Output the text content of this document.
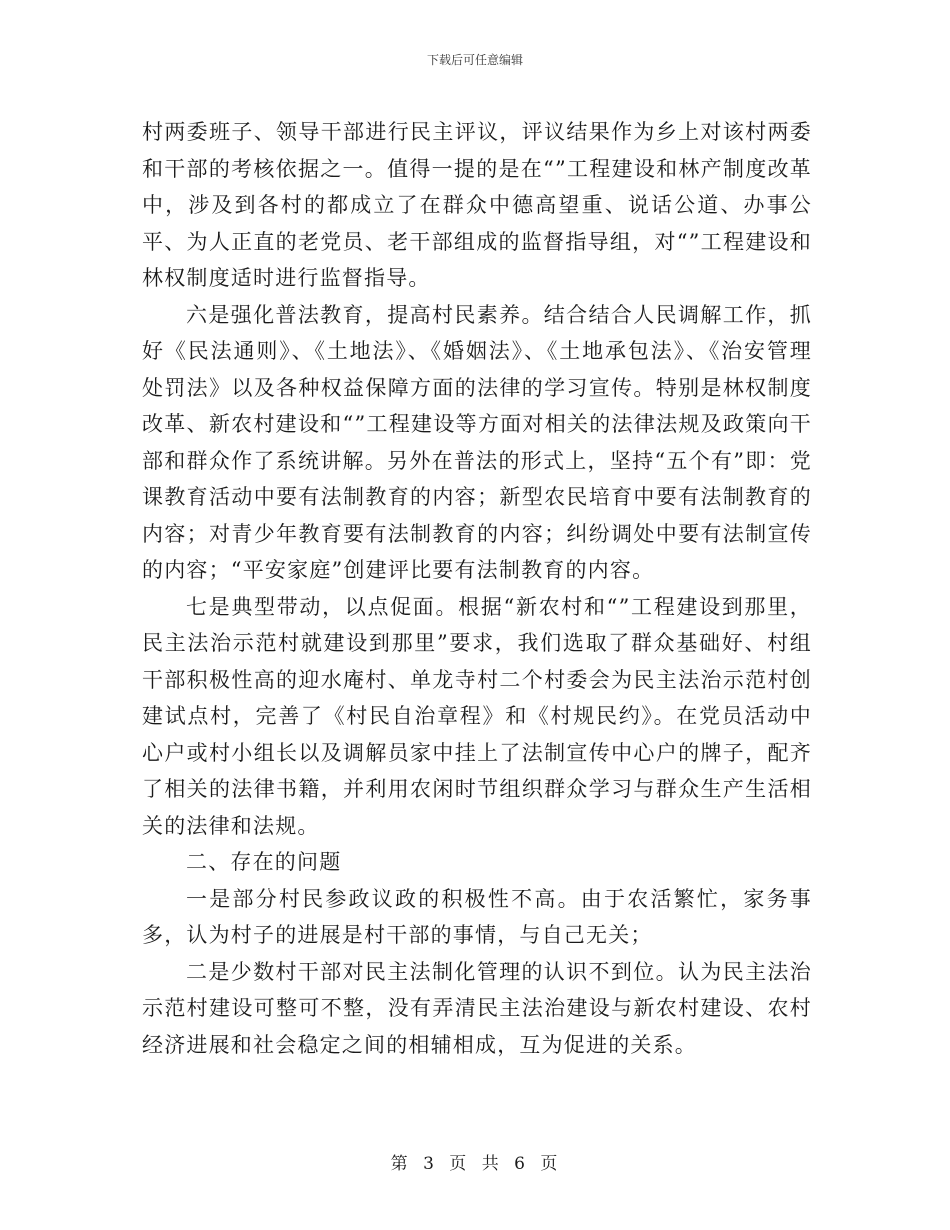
下载后可任意编辑

村两委班子、领导干部进行民主评议，评议结果作为乡上对该村两委和干部的考核依据之一。值得一提的是在“”工程建设和林产制度改革中，涉及到各村的都成立了在群众中德高望重、说话公道、办事公平、为人正直的老党员、老干部组成的监督指导组，对“”工程建设和林权制度适时进行监督指导。

六是强化普法教育，提高村民素养。结合结合人民调解工作，抓好《民法通则》、《土地法》、《婚姻法》、《土地承包法》、《治安管理处罚法》以及各种权益保障方面的法律的学习宣传。特别是林权制度改革、新农村建设和“”工程建设等方面对相关的法律法规及政策向干部和群众作了系统讲解。另外在普法的形式上，坚持“五个有”即：党课教育活动中要有法制教育的内容；新型农民培育中要有法制教育的内容；对青少年教育要有法制教育的内容；纠纷调处中要有法制宣传的内容；“平安家庭”创建评比要有法制教育的内容。

七是典型带动，以点促面。根据“新农村和“”工程建设到那里，民主法治示范村就建设到那里”要求，我们选取了群众基础好、村组干部积极性高的迎水庵村、单龙寺村二个村委会为民主法治示范村创建试点村，完善了《村民自治章程》和《村规民约》。在党员活动中心户或村小组长以及调解员家中挂上了法制宣传中心户的牌子，配齐了相关的法律书籍，并利用农闲时节组织群众学习与群众生产生活相关的法律和法规。

二、存在的问题

一是部分村民参政议政的积极性不高。由于农活繁忙，家务事多，认为村子的进展是村干部的事情，与自己无关；

二是少数村干部对民主法制化管理的认识不到位。认为民主法治示范村建设可整可不整，没有弄清民主法治建设与新农村建设、农村经济进展和社会稳定之间的相辅相成，互为促进的关系。

第 3 页 共 6 页
